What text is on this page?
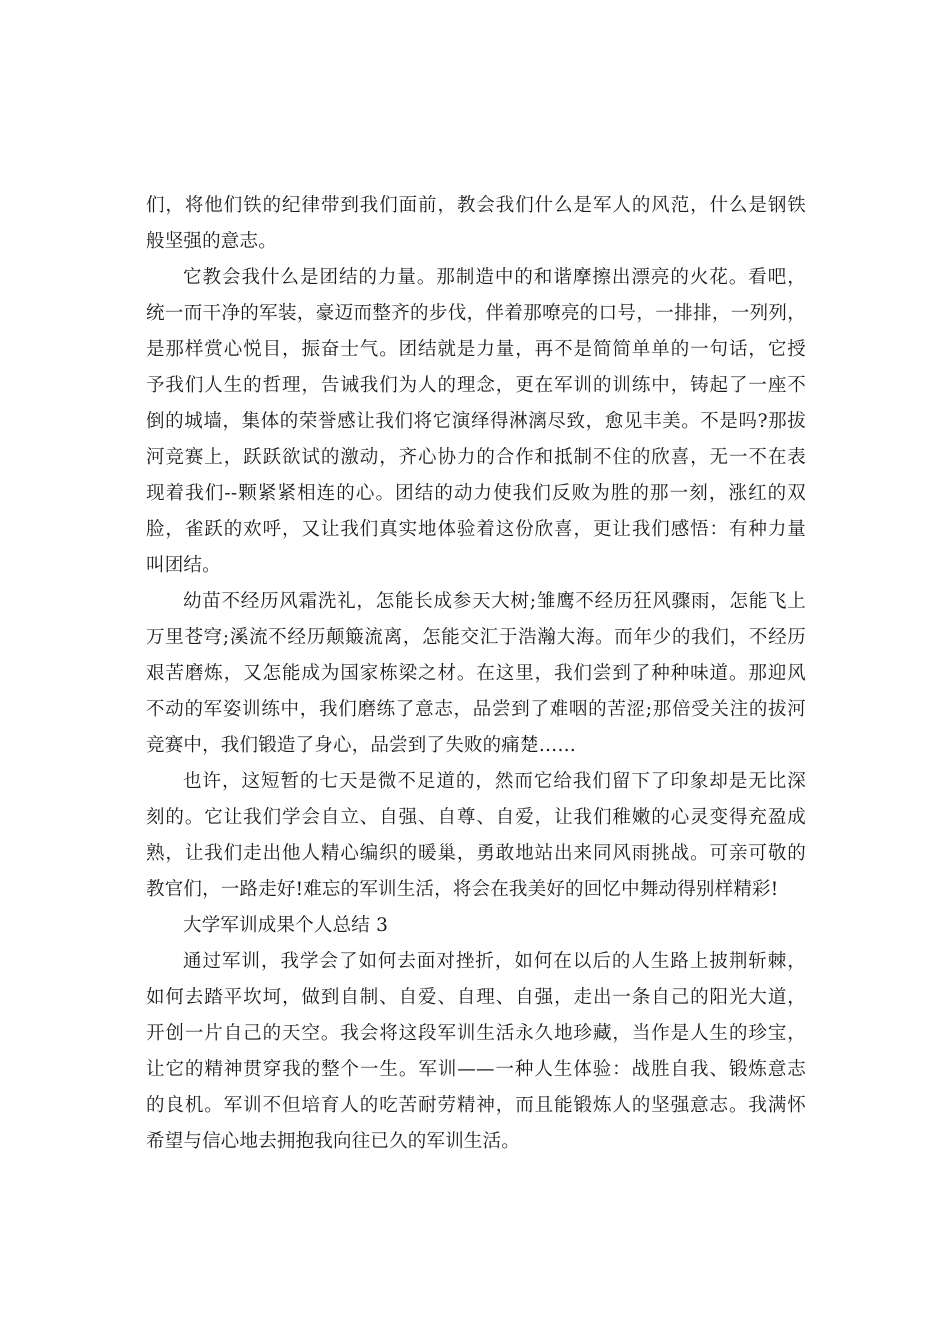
们，将他们铁的纪律带到我们面前，教会我们什么是军人的风范，什么是钢铁
般坚强的意志。
它教会我什么是团结的力量。那制造中的和谐摩擦出漂亮的火花。看吧，
统一而干净的军装，豪迈而整齐的步伐，伴着那嘹亮的口号，一排排，一列列，
是那样赏心悦目，振奋士气。团结就是力量，再不是简简单单的一句话，它授
予我们人生的哲理，告诫我们为人的理念，更在军训的训练中，铸起了一座不
倒的城墙，集体的荣誉感让我们将它演绎得淋漓尽致，愈见丰美。不是吗?那拔
河竞赛上，跃跃欲试的激动，齐心协力的合作和抵制不住的欣喜，无一不在表
现着我们--颗紧紧相连的心。团结的动力使我们反败为胜的那一刻，涨红的双
脸，雀跃的欢呼，又让我们真实地体验着这份欣喜，更让我们感悟：有种力量
叫团结。
幼苗不经历风霜洗礼，怎能长成参天大树;雏鹰不经历狂风骤雨，怎能飞上
万里苍穹;溪流不经历颠簸流离，怎能交汇于浩瀚大海。而年少的我们，不经历
艰苦磨炼，又怎能成为国家栋梁之材。在这里，我们尝到了种种味道。那迎风
不动的军姿训练中，我们磨练了意志，品尝到了难咽的苦涩;那倍受关注的拔河
竞赛中，我们锻造了身心，品尝到了失败的痛楚……
也许，这短暂的七天是微不足道的，然而它给我们留下了印象却是无比深
刻的。它让我们学会自立、自强、自尊、自爱，让我们稚嫩的心灵变得充盈成
熟，让我们走出他人精心编织的暖巢，勇敢地站出来同风雨挑战。可亲可敬的
教官们，一路走好!难忘的军训生活，将会在我美好的回忆中舞动得别样精彩!
大学军训成果个人总结 3
通过军训，我学会了如何去面对挫折，如何在以后的人生路上披荆斩棘，
如何去踏平坎坷，做到自制、自爱、自理、自强，走出一条自己的阳光大道，
开创一片自己的天空。我会将这段军训生活永久地珍藏，当作是人生的珍宝，
让它的精神贯穿我的整个一生。军训——一种人生体验：战胜自我、锻炼意志
的良机。军训不但培育人的吃苦耐劳精神，而且能锻炼人的坚强意志。我满怀
希望与信心地去拥抱我向往已久的军训生活。
